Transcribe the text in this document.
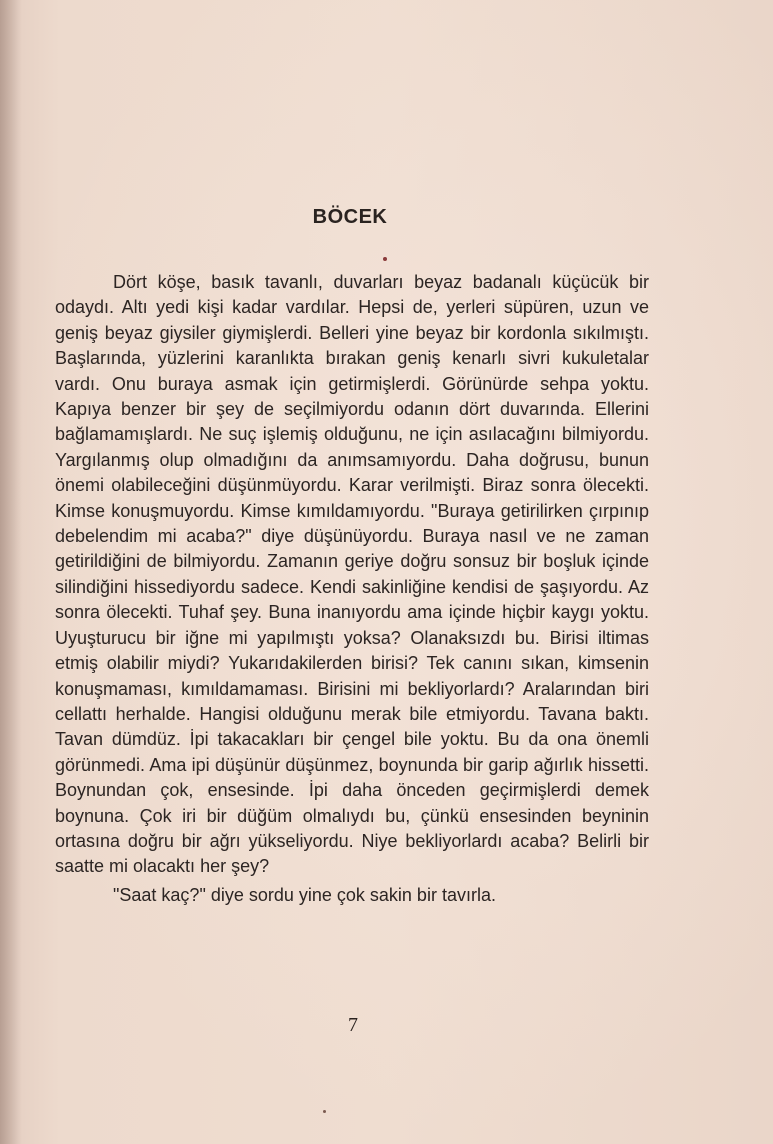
BÖCEK

Dört köşe, basık tavanlı, duvarları beyaz badanalı küçücük bir odaydı. Altı yedi kişi kadar vardılar. Hepsi de, yerleri süpüren, uzun ve geniş beyaz giysiler giymişlerdi. Belleri yine beyaz bir kordonla sıkılmıştı. Başlarında, yüzlerini karanlıkta bırakan geniş kenarlı sivri kukuletalar vardı. Onu buraya asmak için getirmişlerdi. Görünürde sehpa yoktu. Kapıya benzer bir şey de seçilmiyordu odanın dört duvarında. Ellerini bağlamamışlardı. Ne suç işlemiş olduğunu, ne için asılacağını bilmiyordu. Yargılanmış olup olmadığını da anımsamıyordu. Daha doğrusu, bunun önemi olabileceğini düşünmüyordu. Karar verilmişti. Biraz sonra ölecekti. Kimse konuşmuyordu. Kimse kımıldamıyordu. "Buraya getirilirken çırpınıp debelendim mi acaba?" diye düşünüyordu. Buraya nasıl ve ne zaman getirildiğini de bilmiyordu. Zamanın geriye doğru sonsuz bir boşluk içinde silindiğini hissediyordu sadece. Kendi sakinliğine kendisi de şaşıyordu. Az sonra ölecekti. Tuhaf şey. Buna inanıyordu ama içinde hiçbir kaygı yoktu. Uyuşturucu bir iğne mi yapılmıştı yoksa? Olanaksızdı bu. Birisi iltimas etmiş olabilir miydi? Yukarıdakilerden birisi? Tek canını sıkan, kimsenin konuşmaması, kımıldamaması. Birisini mi bekliyorlardı? Aralarından biri cellattı herhalde. Hangisi olduğunu merak bile etmiyordu. Tavana baktı. Tavan dümdüz. İpi takacakları bir çengel bile yoktu. Bu da ona önemli görünmedi. Ama ipi düşünür düşünmez, boynunda bir garip ağırlık hissetti. Boynundan çok, ensesinde. İpi daha önceden geçirmişlerdi demek boynuna. Çok iri bir düğüm olmalıydı bu, çünkü ensesinden beyninin ortasına doğru bir ağrı yükseliyordu. Niye bekliyorlardı acaba? Belirli bir saatte mi olacaktı her şey?

"Saat kaç?" diye sordu yine çok sakin bir tavırla.

7
